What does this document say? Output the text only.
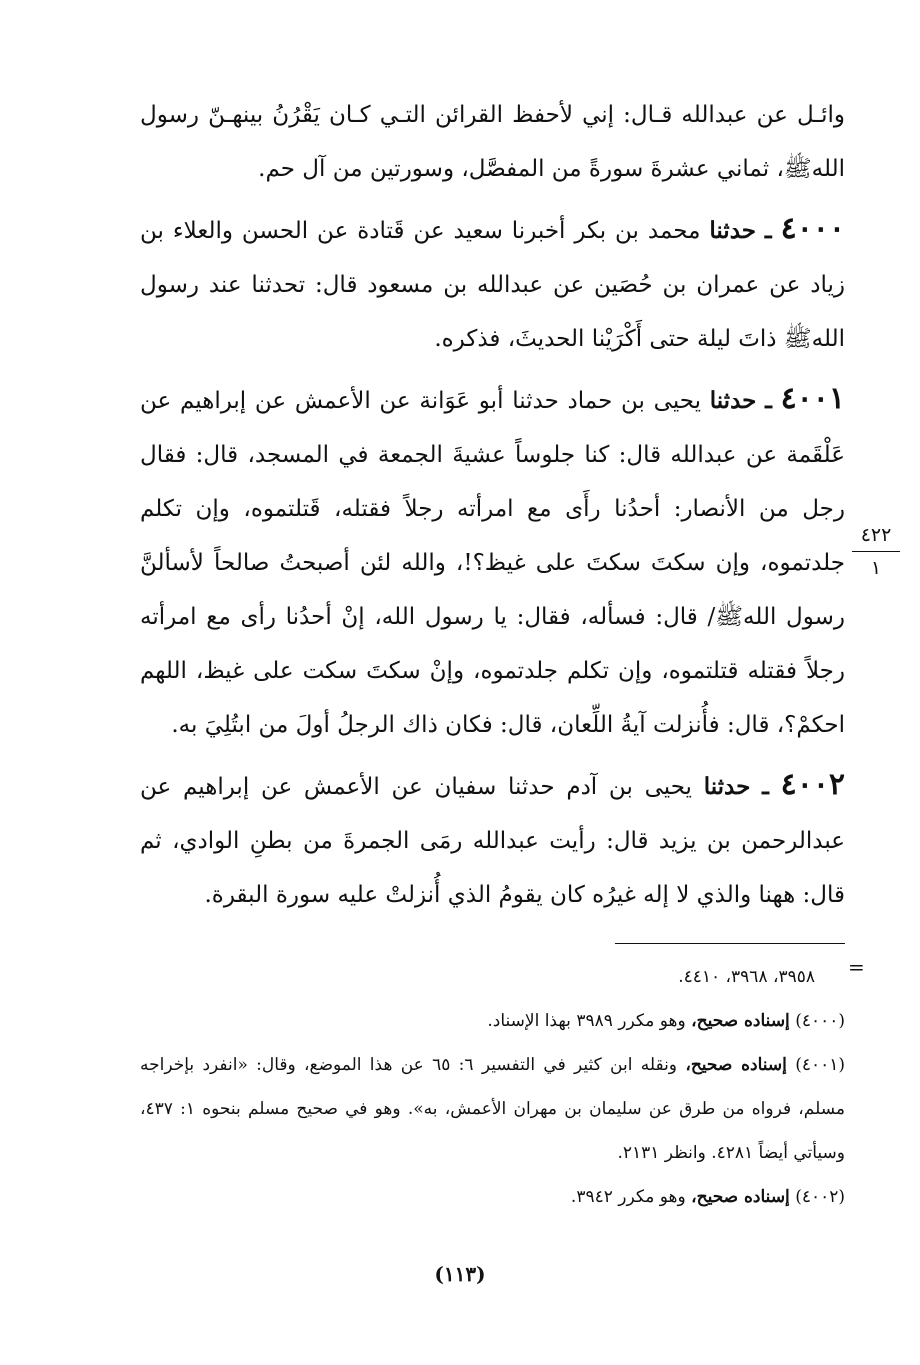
وائـل عن عبدالله قـال: إني لأحفظ القرائن التـي كـان يَقْرُنُ بينهـنّ رسول اللهﷺ، ثماني عشرةَ سورةً من المفصَّل، وسورتين من آل حم.

٤٠٠٠ ـ حدثنا محمد بن بكر أخبرنا سعيد عن قَتادة عن الحسن والعلاء بن زياد عن عمران بن حُصَين عن عبدالله بن مسعود قال: تحدثنا عند رسول اللهﷺ ذاتَ ليلة حتى أَكْرَيْنا الحديثَ، فذكره.

٤٠٠١ ـ حدثنا يحيى بن حماد حدثنا أبو عَوَانة عن الأعمش عن إبراهيم عن عَلْقَمة عن عبدالله قال: كنا جلوساً عشيةَ الجمعة في المسجد، قال: فقال رجل من الأنصار: أحدُنا رأَى مع امرأته رجلاً فقتله، قَتلتموه، وإن تكلم جلدتموه، وإن سكتَ سكتَ على غيظ؟!، والله لئن أصبحتُ صالحاً لأسألنَّ رسول اللهﷺ/ قال: فسأله، فقال: يا رسول الله، إنْ أحدُنا رأى مع امرأته رجلاً فقتله قتلتموه، وإن تكلم جلدتموه، وإنْ سكتَ سكت على غيظ، اللهم احكمْ؟، قال: فأُنزلت آيةُ اللِّعان، قال: فكان ذاك الرجلُ أولَ من ابتُلِيَ به.

٤٠٠٢ ـ حدثنا يحيى بن آدم حدثنا سفيان عن الأعمش عن إبراهيم عن عبدالرحمن بن يزيد قال: رأيت عبدالله رمَى الجمرةَ من بطنِ الوادي، ثم قال: ههنا والذي لا إله غيرُه كان يقومُ الذي أُنزلتْ عليه سورة البقرة.

٤٢٢
١
=

٣٩٥٨، ٣٩٦٨، ٤٤١٠.

(٤٠٠٠) إسناده صحيح، وهو مكرر ٣٩٨٩ بهذا الإسناد.

(٤٠٠١) إسناده صحيح، ونقله ابن كثير في التفسير ٦: ٦٥ عن هذا الموضع، وقال: «انفرد بإخراجه مسلم، فرواه من طرق عن سليمان بن مهران الأعمش، به». وهو في صحيح مسلم بنحوه ١: ٤٣٧، وسيأتي أيضاً ٤٢٨١. وانظر ٢١٣١.

(٤٠٠٢) إسناده صحيح، وهو مكرر ٣٩٤٢.

(١١٣)
